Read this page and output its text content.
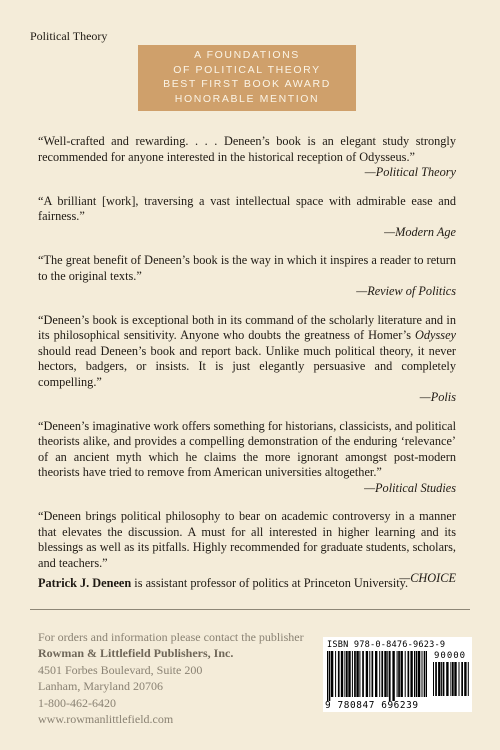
Political Theory
A FOUNDATIONS
OF POLITICAL THEORY
BEST FIRST BOOK AWARD
HONORABLE MENTION
“Well-crafted and rewarding. . . . Deneen’s book is an elegant study strongly recommended for anyone interested in the historical reception of Odysseus.”
—Political Theory
“A brilliant [work], traversing a vast intellectual space with admirable ease and fairness.”
—Modern Age
“The great benefit of Deneen’s book is the way in which it inspires a reader to return to the original texts.”
—Review of Politics
“Deneen’s book is exceptional both in its command of the scholarly literature and in its philosophical sensitivity. Anyone who doubts the greatness of Homer’s Odyssey should read Deneen’s book and report back. Unlike much political theory, it never hectors, badgers, or insists. It is just elegantly persuasive and completely compelling.”
—Polis
“Deneen’s imaginative work offers something for historians, classicists, and political theorists alike, and provides a compelling demonstration of the enduring ‘relevance’ of an ancient myth which he claims the more ignorant amongst post-modern theorists have tried to remove from American universities altogether.”
—Political Studies
“Deneen brings political philosophy to bear on academic controversy in a manner that elevates the discussion. A must for all interested in higher learning and its blessings as well as its pitfalls. Highly recommended for graduate students, scholars, and teachers.”
—CHOICE
Patrick J. Deneen is assistant professor of politics at Princeton University.
For orders and information please contact the publisher
Rowman & Littlefield Publishers, Inc.
4501 Forbes Boulevard, Suite 200
Lanham, Maryland 20706
1-800-462-6420
www.rowmanlittlefield.com
ISBN 978-0-8476-9623-9
90000
9 780847 696239
